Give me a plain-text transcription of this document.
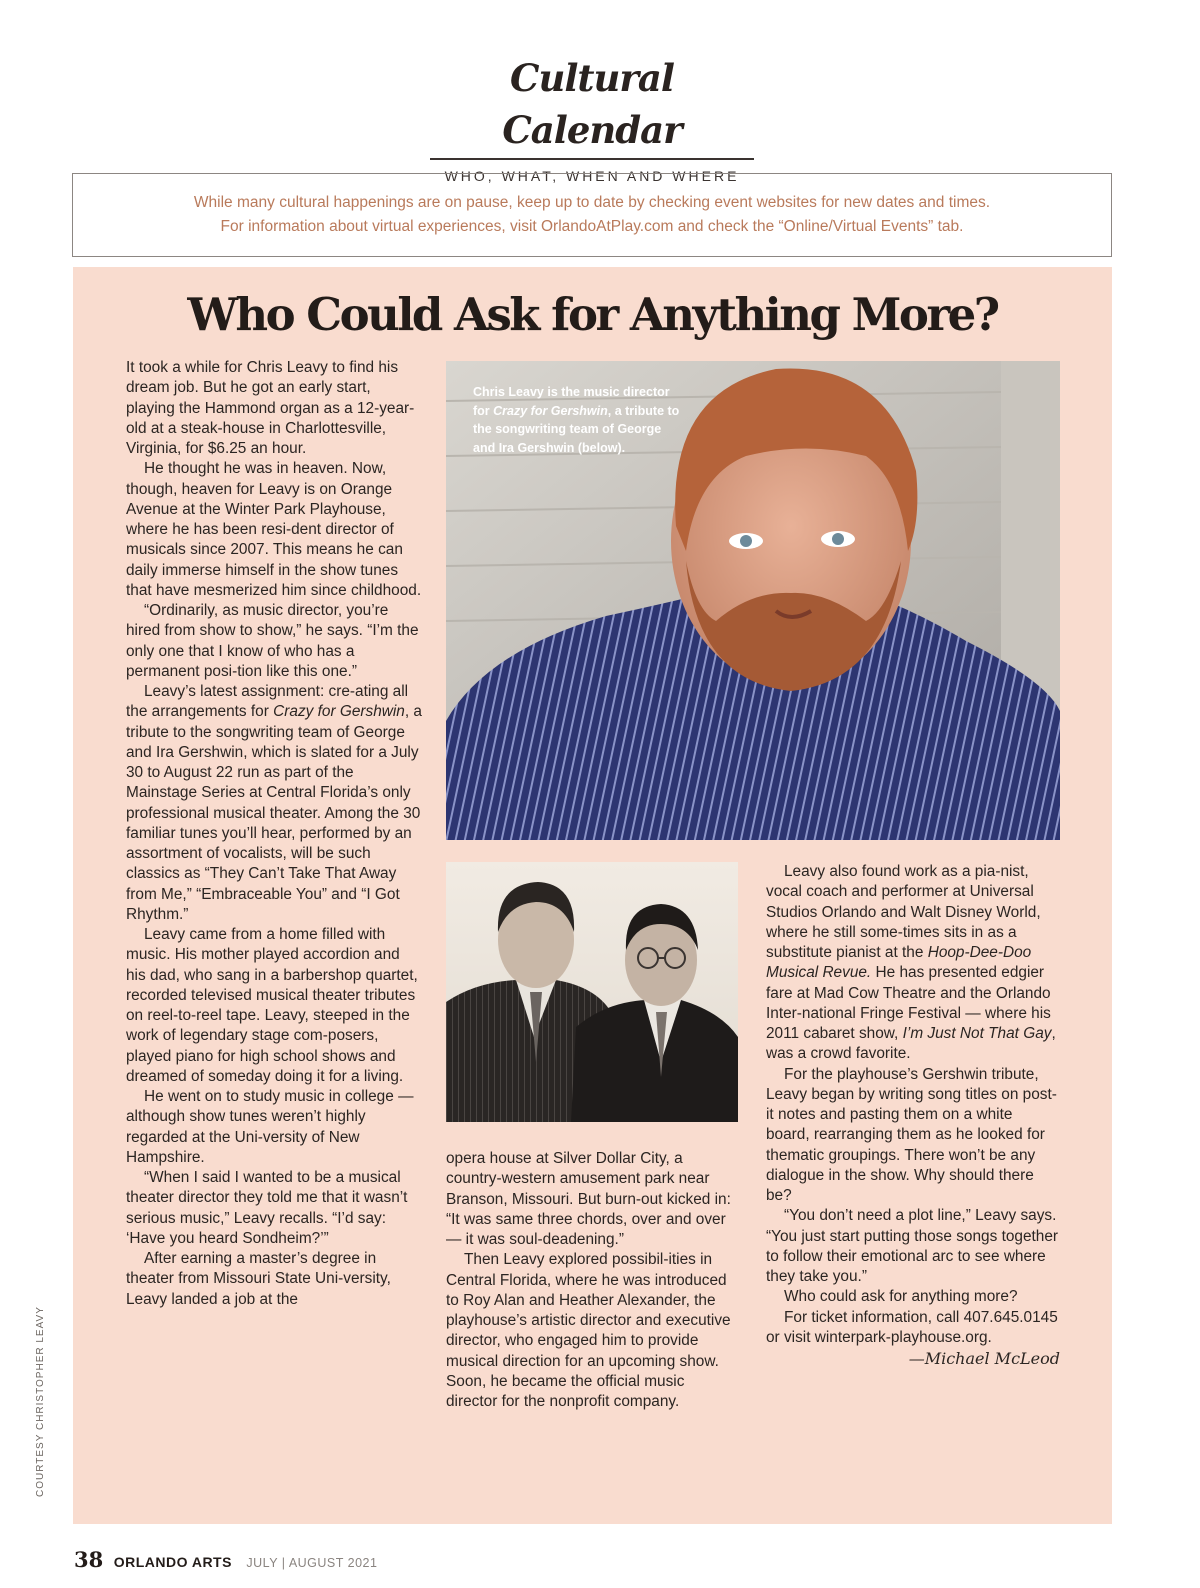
Cultural Calendar
WHO, WHAT, WHEN AND WHERE
While many cultural happenings are on pause, keep up to date by checking event websites for new dates and times.
For information about virtual experiences, visit OrlandoAtPlay.com and check the “Online/Virtual Events” tab.
Who Could Ask for Anything More?

It took a while for Chris Leavy to find his dream job. But he got an early start, playing the Hammond organ as a 12-year-old at a steak-house in Charlottesville, Virginia, for $6.25 an hour.

He thought he was in heaven. Now, though, heaven for Leavy is on Orange Avenue at the Winter Park Playhouse, where he has been resi-dent director of musicals since 2007. This means he can daily immerse himself in the show tunes that have mesmerized him since childhood.

“Ordinarily, as music director, you’re hired from show to show,” he says. “I’m the only one that I know of who has a permanent posi-tion like this one.”

Leavy’s latest assignment: cre-ating all the arrangements for Crazy for Gershwin, a tribute to the songwriting team of George and Ira Gershwin, which is slated for a July 30 to August 22 run as part of the Mainstage Series at Central Florida’s only professional musical theater. Among the 30 familiar tunes you’ll hear, performed by an assortment of vocalists, will be such classics as “They Can’t Take That Away from Me,” “Embraceable You” and “I Got Rhythm.”

Leavy came from a home filled with music. His mother played accordion and his dad, who sang in a barbershop quartet, recorded televised musical theater tributes on reel-to-reel tape. Leavy, steeped in the work of legendary stage com-posers, played piano for high school shows and dreamed of someday doing it for a living.

He went on to study music in college — although show tunes weren’t highly regarded at the Uni-versity of New Hampshire.

“When I said I wanted to be a musical theater director they told me that it wasn’t serious music,” Leavy recalls. “I’d say: ‘Have you heard Sondheim?’”

After earning a master’s degree in theater from Missouri State Uni-versity, Leavy landed a job at the

Chris Leavy is the music director for Crazy for Gershwin, a tribute to the songwriting team of George and Ira Gershwin (below).

opera house at Silver Dollar City, a country-western amusement park near Branson, Missouri. But burn-out kicked in: “It was same three chords, over and over — it was soul-deadening.”

Then Leavy explored possibil-ities in Central Florida, where he was introduced to Roy Alan and Heather Alexander, the playhouse’s artistic director and executive director, who engaged him to provide musical direction for an upcoming show. Soon, he became the official music director for the nonprofit company.

Leavy also found work as a pia-nist, vocal coach and performer at Universal Studios Orlando and Walt Disney World, where he still some-times sits in as a substitute pianist at the Hoop-Dee-Doo Musical Revue. He has presented edgier fare at Mad Cow Theatre and the Orlando Inter-national Fringe Festival — where his 2011 cabaret show, I’m Just Not That Gay, was a crowd favorite.

For the playhouse’s Gershwin tribute, Leavy began by writing song titles on post-it notes and pasting them on a white board, rearranging them as he looked for thematic groupings. There won’t be any dialogue in the show. Why should there be?

“You don’t need a plot line,” Leavy says. “You just start putting those songs together to follow their emotional arc to see where they take you.”

Who could ask for anything more?

For ticket information, call 407.645.0145 or visit winterpark-playhouse.org.

—Michael McLeod

COURTESY CHRISTOPHER LEAVY
38 ORLANDO ARTS JULY | AUGUST 2021
